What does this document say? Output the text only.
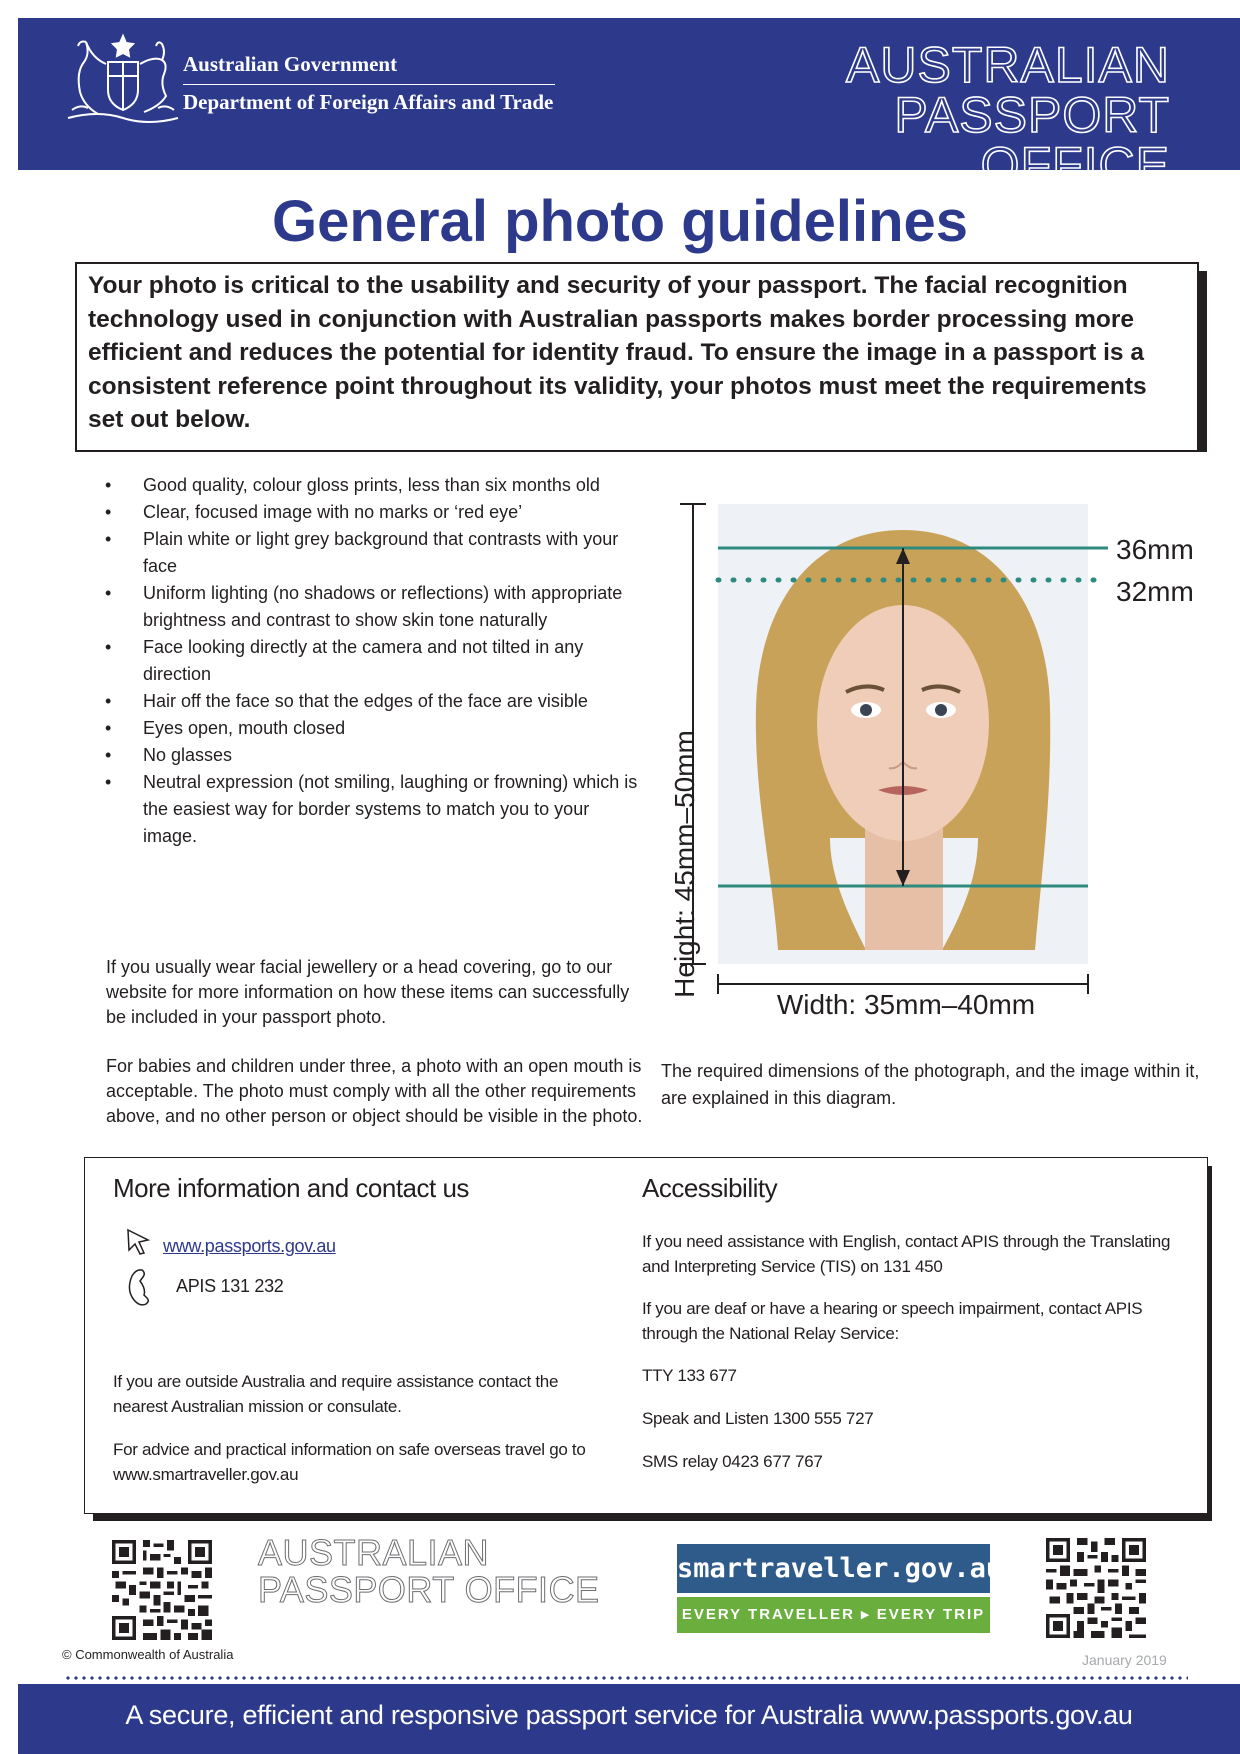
Australian Government
Department of Foreign Affairs and Trade
AUSTRALIAN
PASSPORT OFFICE
General photo guidelines
Your photo is critical to the usability and security of your passport. The facial recognition technology used in conjunction with Australian passports makes border processing more efficient and reduces the potential for identity fraud. To ensure the image in a passport is a consistent reference point throughout its validity, your photos must meet the requirements set out below.
• Good quality, colour gloss prints, less than six months old
• Clear, focused image with no marks or ‘red eye’
• Plain white or light grey background that contrasts with your face
• Uniform lighting (no shadows or reflections) with appropriate brightness and contrast to show skin tone naturally
• Face looking directly at the camera and not tilted in any direction
• Hair off the face so that the edges of the face are visible
• Eyes open, mouth closed
• No glasses
• Neutral expression (not smiling, laughing or frowning) which is the easiest way for border systems to match you to your image.
If you usually wear facial jewellery or a head covering, go to our website for more information on how these items can successfully be included in your passport photo.
For babies and children under three, a photo with an open mouth is acceptable. The photo must comply with all the other requirements above, and no other person or object should be visible in the photo.
36mm
32mm
Height: 45mm–50mm
Width: 35mm–40mm
The required dimensions of the photograph, and the image within it, are explained in this diagram.
More information and contact us
www.passports.gov.au
APIS 131 232
If you are outside Australia and require assistance contact the nearest Australian mission or consulate.
For advice and practical information on safe overseas travel go to www.smartraveller.gov.au
Accessibility
If you need assistance with English, contact APIS through the Translating and Interpreting Service (TIS) on 131 450
If you are deaf or have a hearing or speech impairment, contact APIS through the National Relay Service:
TTY 133 677
Speak and Listen 1300 555 727
SMS relay 0423 677 767
AUSTRALIAN
PASSPORT OFFICE
smartraveller.gov.au
EVERY TRAVELLER ▸ EVERY TRIP
© Commonwealth of Australia	January 2019
A secure, efficient and responsive passport service for Australia www.passports.gov.au
